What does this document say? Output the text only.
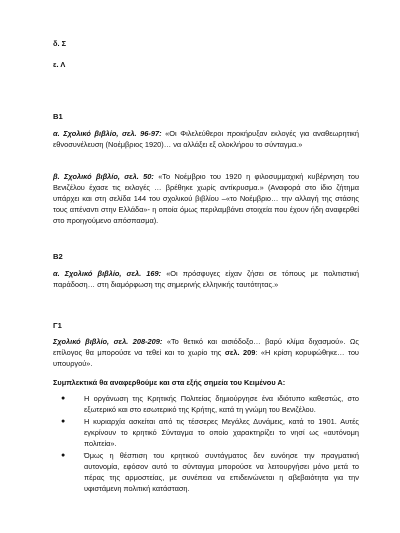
δ. Σ
ε. Λ
Β1
α. Σχολικό βιβλίο, σελ. 96-97: «Οι Φιλελεύθεροι προκήρυξαν εκλογές για αναθεωρητική εθνοσυνέλευση (Νοέμβριος 1920)… να αλλάξει εξ ολοκλήρου το σύνταγμα.»
β. Σχολικό βιβλίο, σελ. 50: «Το Νοέμβριο του 1920 η φιλοσυμμαχική κυβέρνηση του Βενιζέλου έχασε τις εκλογές … βρέθηκε χωρίς αντίκρυσμα.» (Αναφορά στο ίδιο ζήτημα υπάρχει και στη σελίδα 144 του σχολικού βιβλίου –«το Νοέμβριο… την αλλαγή της στάσης τους απέναντι στην Ελλάδα»- η οποία όμως περιλαμβάνει στοιχεία που έχουν ήδη αναφερθεί στο προηγούμενο απόσπασμα).
Β2
α. Σχολικό βιβλίο, σελ. 169: «Οι πρόσφυγες είχαν ζήσει σε τόπους με πολιτιστική παράδοση… στη διαμόρφωση της σημερινής ελληνικής ταυτότητας.»
Γ1
Σχολικό βιβλίο, σελ. 208-209: «Το θετικό και αισιόδοξο… βαρύ κλίμα διχασμού». Ως επίλογος θα μπορούσε να τεθεί και το χωρίο της σελ. 209: «Η κρίση κορυφώθηκε… του υπουργού».
Συμπλεκτικά θα αναφερθούμε και στα εξής σημεία του Κειμένου Α:
●	Η οργάνωση της Κρητικής Πολιτείας δημιούργησε ένα ιδιότυπο καθεστώς, στο εξωτερικό και στο εσωτερικό της Κρήτης, κατά τη γνώμη του Βενιζέλου.
●	Η κυριαρχία ασκείται από τις τέσσερες Μεγάλες Δυνάμεις, κατά το 1901. Αυτές εγκρίνουν το κρητικό Σύνταγμα το οποίο χαρακτηρίζει το νησί ως «αυτόνομη πολιτεία».
●	Όμως η θέσπιση του κρητικού συντάγματος δεν ευνόησε την πραγματική αυτονομία, εφόσον αυτό το σύνταγμα μπορούσε να λειτουργήσει μόνο μετά το πέρας της αρμοστείας, με συνέπεια να επιδεινώνεται η αβεβαιότητα για την υφιστάμενη πολιτική κατάσταση.
